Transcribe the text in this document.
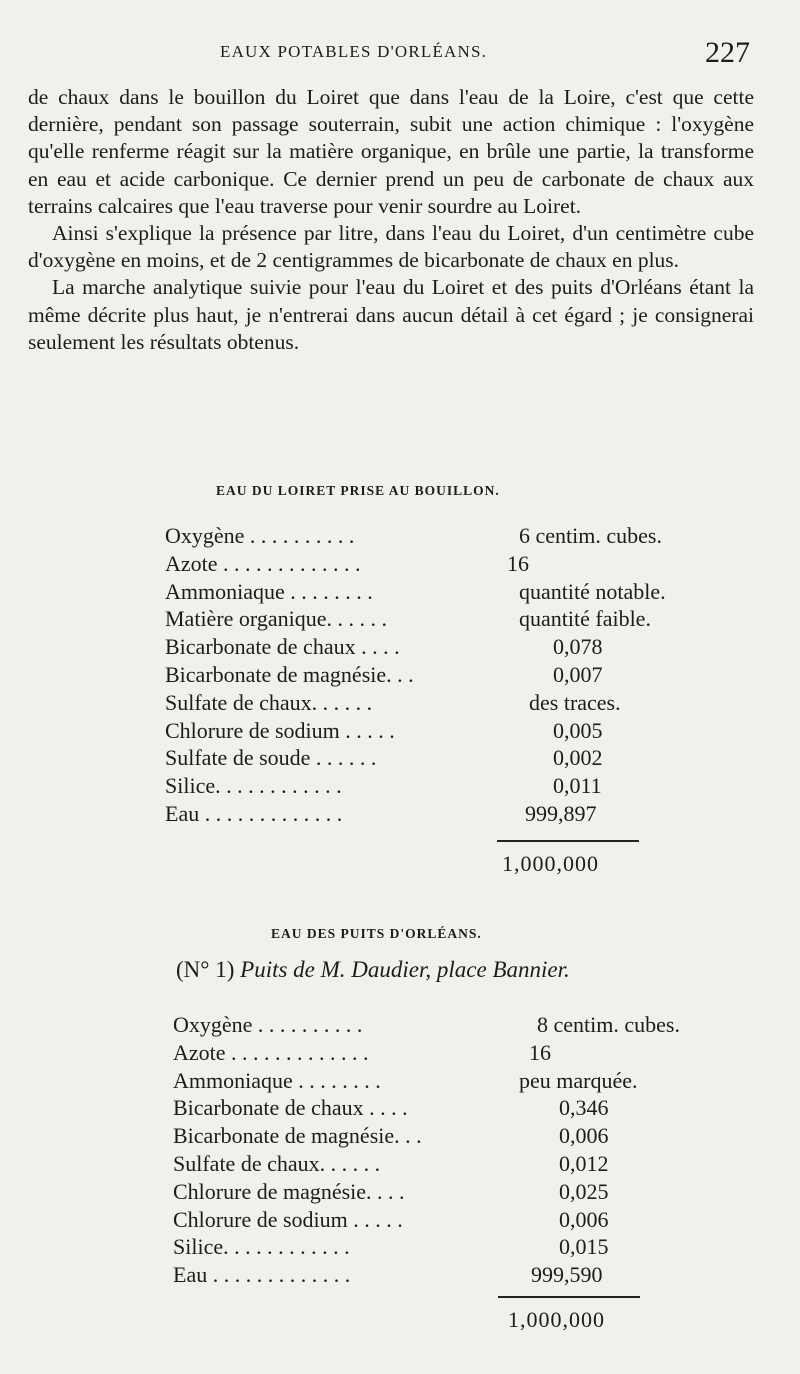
EAUX POTABLES D'ORLÉANS.	227

de chaux dans le bouillon du Loiret que dans l'eau de la Loire, c'est que cette dernière, pendant son passage souterrain, subit une action chimique : l'oxygène qu'elle renferme réagit sur la matière organique, en brûle une partie, la transforme en eau et acide carbonique. Ce dernier prend un peu de carbonate de chaux aux terrains calcaires que l'eau traverse pour venir sourdre au Loiret.

Ainsi s'explique la présence par litre, dans l'eau du Loiret, d'un centimètre cube d'oxygène en moins, et de 2 centigrammes de bicarbonate de chaux en plus.

La marche analytique suivie pour l'eau du Loiret et des puits d'Orléans étant la même décrite plus haut, je n'entrerai dans aucun détail à cet égard ; je consignerai seulement les résultats obtenus.

EAU DU LOIRET PRISE AU BOUILLON.
Oxygène . . . . . . . . . .	6 centim. cubes.
Azote . . . . . . . . . . . . .	16
Ammoniaque . . . . . . . .	quantité notable.
Matière organique. . . . . .	quantité faible.
Bicarbonate de chaux . . . .	0,078
Bicarbonate de magnésie. . .	0,007
Sulfate de chaux. . . . . .	des traces.
Chlorure de sodium . . . . .	0,005
Sulfate de soude . . . . . .	0,002
Silice. . . . . . . . . . . .	0,011
Eau . . . . . . . . . . . . .	999,897
1,000,000
EAU DES PUITS D'ORLÉANS.
(N° 1) Puits de M. Daudier, place Bannier.
Oxygène . . . . . . . . . .	8 centim. cubes.
Azote . . . . . . . . . . . . .	16
Ammoniaque . . . . . . . .	peu marquée.
Bicarbonate de chaux . . . .	0,346
Bicarbonate de magnésie. . .	0,006
Sulfate de chaux. . . . . .	0,012
Chlorure de magnésie. . . .	0,025
Chlorure de sodium . . . . .	0,006
Silice. . . . . . . . . . . .	0,015
Eau . . . . . . . . . . . . .	999,590
1,000,000
